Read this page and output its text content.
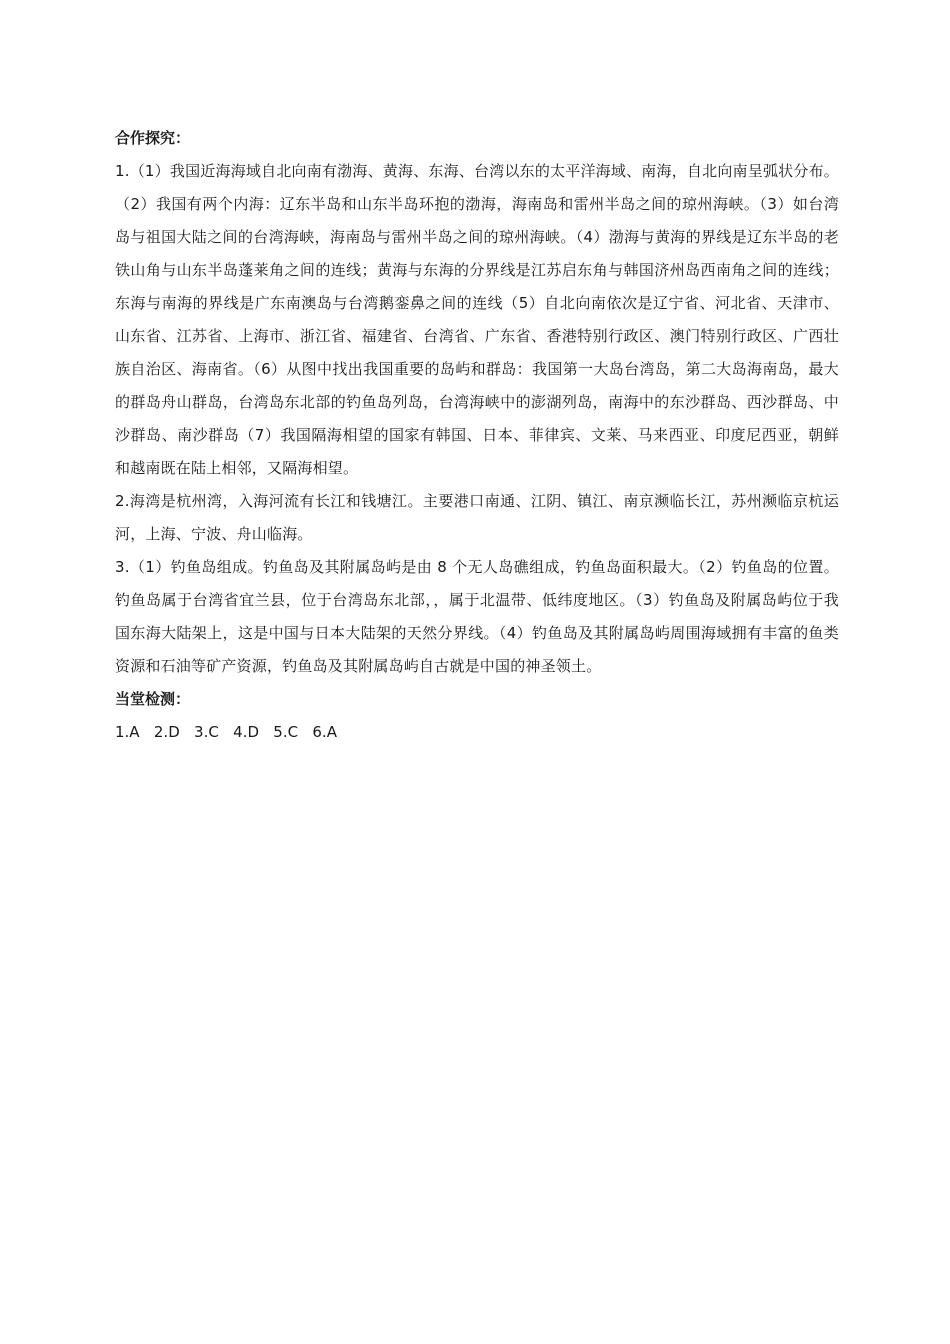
合作探究：

1.（1）我国近海海域自北向南有渤海、黄海、东海、台湾以东的太平洋海域、南海，自北向南呈弧状分布。（2）我国有两个内海：辽东半岛和山东半岛环抱的渤海，海南岛和雷州半岛之间的琼州海峡。（3）如台湾岛与祖国大陆之间的台湾海峡，海南岛与雷州半岛之间的琼州海峡。（4）渤海与黄海的界线是辽东半岛的老铁山角与山东半岛蓬莱角之间的连线；黄海与东海的分界线是江苏启东角与韩国济州岛西南角之间的连线；东海与南海的界线是广东南澳岛与台湾鹅銮鼻之间的连线（5）自北向南依次是辽宁省、河北省、天津市、山东省、江苏省、上海市、浙江省、福建省、台湾省、广东省、香港特别行政区、澳门特别行政区、广西壮族自治区、海南省。（6）从图中找出我国重要的岛屿和群岛：我国第一大岛台湾岛，第二大岛海南岛，最大的群岛舟山群岛，台湾岛东北部的钓鱼岛列岛，台湾海峡中的澎湖列岛，南海中的东沙群岛、西沙群岛、中沙群岛、南沙群岛（7）我国隔海相望的国家有韩国、日本、菲律宾、文莱、马来西亚、印度尼西亚，朝鲜和越南既在陆上相邻，又隔海相望。

2.海湾是杭州湾，入海河流有长江和钱塘江。主要港口南通、江阴、镇江、南京濒临长江，苏州濒临京杭运河，上海、宁波、舟山临海。

3.（1）钓鱼岛组成。钓鱼岛及其附属岛屿是由 8 个无人岛礁组成，钓鱼岛面积最大。（2）钓鱼岛的位置。钓鱼岛属于台湾省宜兰县，位于台湾岛东北部，，属于北温带、低纬度地区。（3）钓鱼岛及附属岛屿位于我国东海大陆架上，这是中国与日本大陆架的天然分界线。（4）钓鱼岛及其附属岛屿周围海域拥有丰富的鱼类资源和石油等矿产资源，钓鱼岛及其附属岛屿自古就是中国的神圣领土。

当堂检测：

1.A   2.D   3.C   4.D   5.C   6.A
